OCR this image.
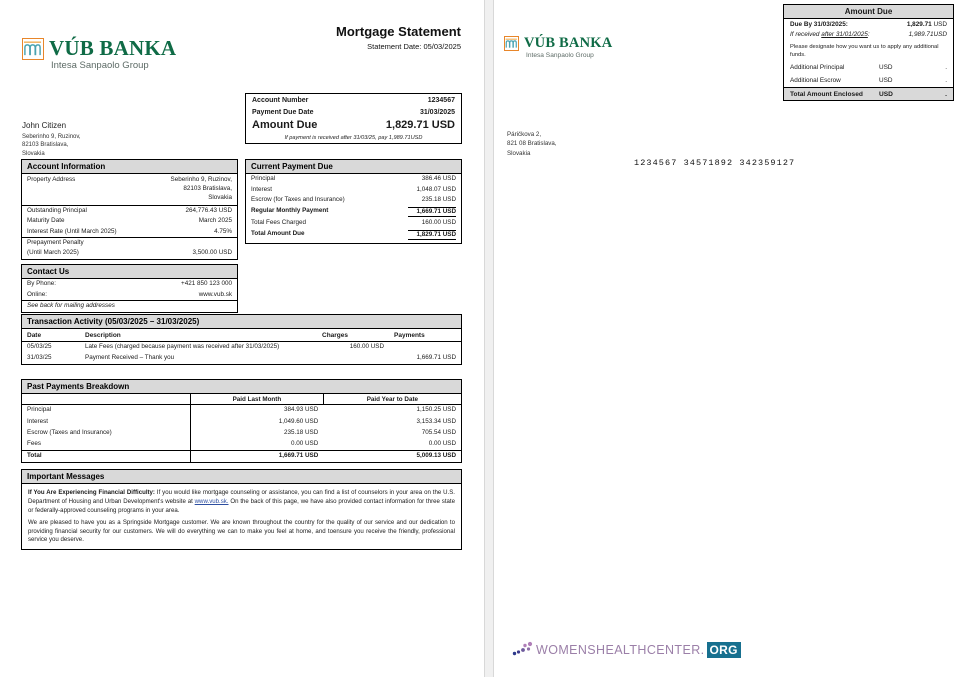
VÚB BANKA
Intesa Sanpaolo Group
Mortgage Statement
Statement Date: 05/03/2025
John Citizen
Seberinho 9, Ruzinov,
82103 Bratislava,
Slovakia
Account Number	1234567
Payment Due Date	31/03/2025
Amount Due	1,829.71 USD
If payment is received after 31/03/25, pay 1,989.71USD
Account Information
Property Address	Seberinho 9, Ruzinov,
82103 Bratislava,
Slovakia
Outstanding Principal	264,776.43 USD
Maturity Date	March 2025
Interest Rate (Until March 2025)	4.75%
Prepayment Penalty
(Until March 2025)	3,500.00 USD
Contact Us
By Phone:	+421 850 123 000
Online:	www.vub.sk
See back for mailing addresses
Current Payment Due
Principal	386.46 USD
Interest	1,048.07 USD
Escrow (for Taxes and Insurance)	235.18 USD
Regular Monthly Payment	1,669.71 USD
Total Fees Charged	160.00 USD
Total Amount Due	1,829.71 USD
Transaction Activity (05/03/2025 – 31/03/2025)
Date	Description	Charges	Payments
05/03/25	Late Fees (charged because payment was received after 31/03/2025)	160.00 USD	
31/03/25	Payment Received – Thank you		1,669.71 USD
Past Payments Breakdown
	Paid Last Month	Paid Year to Date
Principal	384.93 USD	1,150.25 USD
Interest	1,049.60 USD	3,153.34 USD
Escrow (Taxes and Insurance)	235.18 USD	705.54 USD
Fees	0.00 USD	0.00 USD
Total	1,669.71 USD	5,009.13 USD
Important Messages

If You Are Experiencing Financial Difficulty: If you would like mortgage counseling or assistance, you can find a list of counselors in your area on the U.S. Department of Housing and Urban Development's website at www.vub.sk. On the back of this page, we have also provided contact information for three state or federally-approved counseling programs in your area.

We are pleased to have you as a Springside Mortgage customer. We are known throughout the country for the quality of our service and our dedication to providing financial security for our customers. We will do everything we can to make you feel at home, and toensure you receive the friendly, professional service you deserve.

VÚB BANKA
Intesa Sanpaolo Group
Amount Due
Due By 31/03/2025:	1,829.71 USD
If received after 31/01/2025:	1,989.71USD
Please designate how you want us to apply any additional funds.
Additional Principal	USD	.
Additional Escrow	USD	.
Total Amount Enclosed	USD	.
Páričkova 2,
821 08 Bratislava,
Slovakia
1234567 34571892 342359127
WOMENSHEALTHCENTER. ORG
